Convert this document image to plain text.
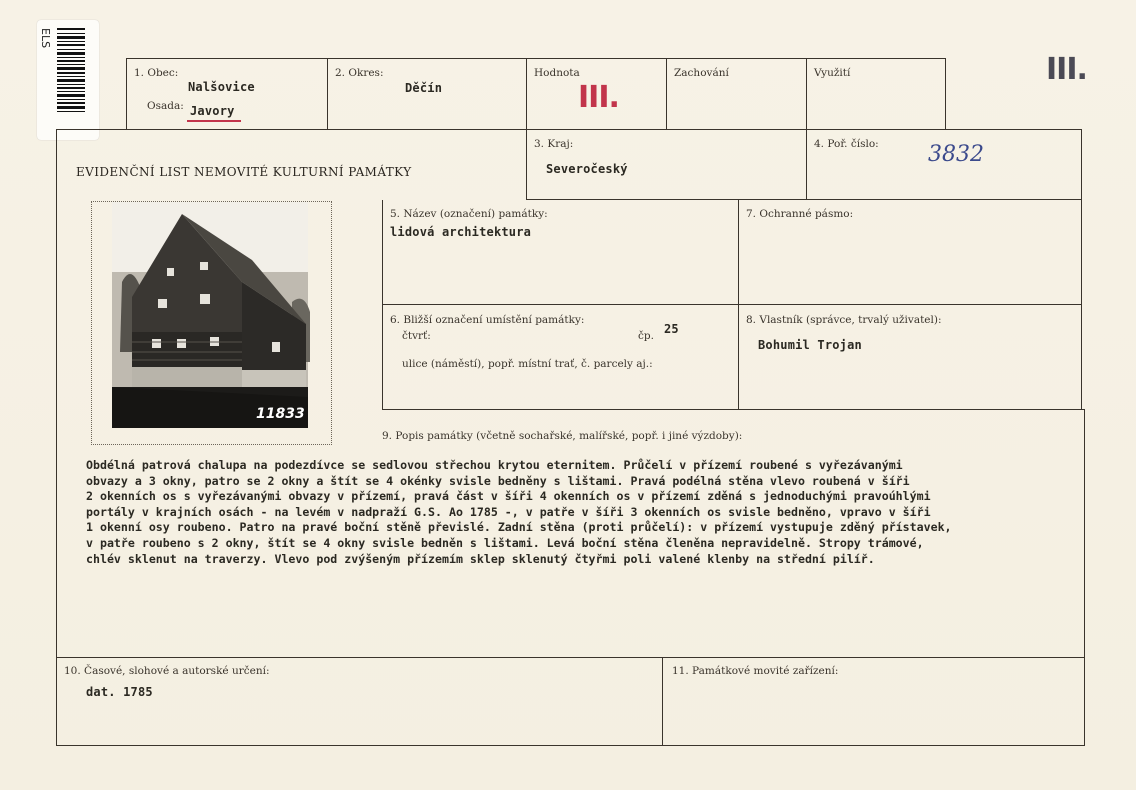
ELS
III.
1. Obec:
Nalšovice
Osada: Javory
2. Okres:
Děčín
Hodnota
III.
Zachování	Využití
EVIDENČNÍ LIST NEMOVITÉ KULTURNÍ PAMÁTKY
3. Kraj:
Severočeský
4. Poř. číslo: 3832
11833
5. Název (označení) památky:
lidová architektura
7. Ochranné pásmo:
6. Bližší označení umístění památky:
čtvrť:	čp. 25
ulice (náměstí), popř. místní trať, č. parcely aj.:
8. Vlastník (správce, trvalý uživatel):
Bohumil Trojan
9. Popis památky (včetně sochařské, malířské, popř. i jiné výzdoby):
Obdélná patrová chalupa na podezdívce se sedlovou střechou krytou eternitem. Průčelí v přízemí roubené s vyřezávanými
obvazy a 3 okny, patro se 2 okny a štít se 4 okénky svisle bedněny s lištami. Pravá podélná stěna vlevo roubená v šíři
2 okenních os s vyřezávanými obvazy v přízemí, pravá část v šíři 4 okenních os v přízemí zděná s jednoduchými pravoúhlými
portály v krajních osách - na levém v nadpraží G.S. Ao 1785 -, v patře v šíři 3 okenních os svisle bedněno, vpravo v šíři
1 okenní osy roubeno. Patro na pravé boční stěně převislé. Zadní stěna (proti průčelí): v přízemí vystupuje zděný přístavek,
v patře roubeno s 2 okny, štít se 4 okny svisle bedněn s lištami. Levá boční stěna členěna nepravidelně. Stropy trámové,
chlév sklenut na traverzy. Vlevo pod zvýšeným přízemím sklep sklenutý čtyřmi poli valené klenby na střední pilíř.
10. Časové, slohové a autorské určení:
dat. 1785
11. Památkové movité zařízení:
